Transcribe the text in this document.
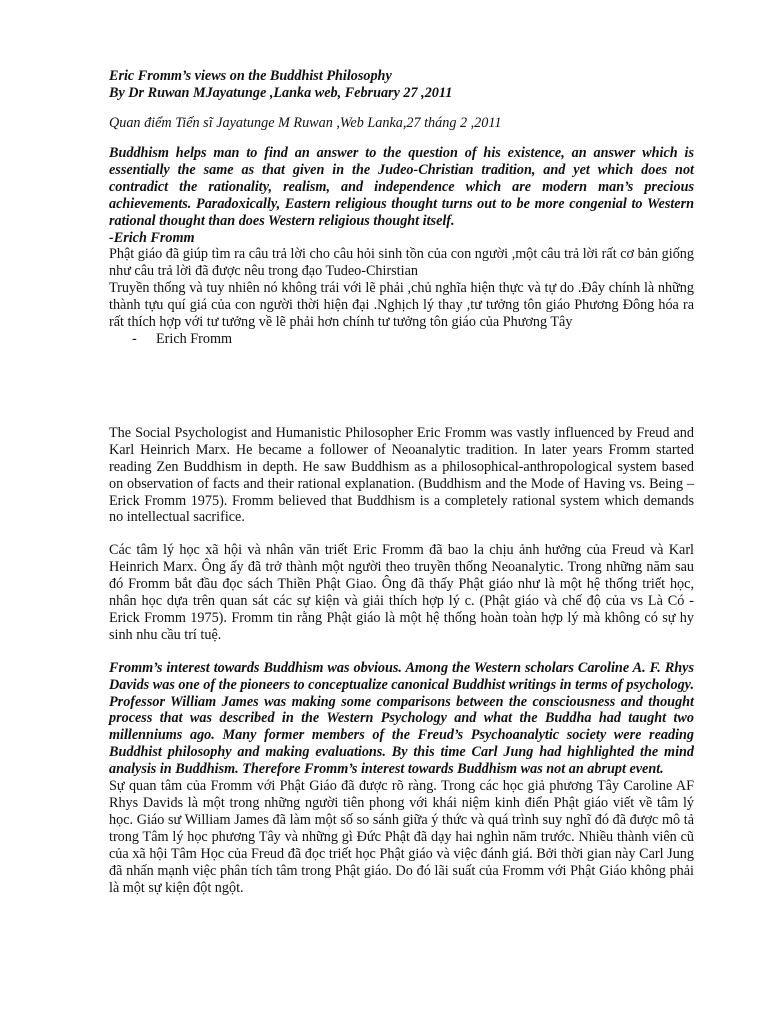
Eric Fromm’s views on the Buddhist Philosophy
By Dr Ruwan MJayatunge ,Lanka web, February 27 ,2011
Quan điểm Tiến sĩ Jayatunge M Ruwan ,Web Lanka,27 tháng 2 ,2011
Buddhism helps man to find an answer to the question of his existence, an answer which is essentially the same as that given in the Judeo-Christian tradition, and yet which does not contradict the rationality, realism, and independence which are modern man’s precious achievements. Paradoxically, Eastern religious thought turns out to be more congenial to Western rational thought than does Western religious thought itself.
-Erich Fromm
Phật giáo đã giúp tìm ra câu trả lời cho câu hỏi sinh tồn của con người ,một câu trả lời rất cơ bản giống như câu trả lời đã được nêu trong đạo Tudeo-Chirstian
Truyền thống và tuy nhiên nó không trái với lẽ phải ,chủ nghĩa hiện thực và tự do .Đây chính là những thành tựu quí giá của con người thời hiện đại .Nghịch lý thay ,tư tưởng tôn giáo Phương Đông hóa ra rất thích hợp với tư tưởng về lẽ phải hơn chính tư tưởng tôn giáo của Phương Tây
- Erich Fromm
The Social Psychologist and Humanistic Philosopher Eric Fromm was vastly influenced by Freud and Karl Heinrich Marx. He became a follower of Neoanalytic tradition. In later years Fromm started reading Zen Buddhism in depth. He saw Buddhism as a philosophical-anthropological system based on observation of facts and their rational explanation. (Buddhism and the Mode of Having vs. Being – Erick Fromm 1975). Fromm believed that Buddhism is a completely rational system which demands no intellectual sacrifice.
Các tâm lý học xã hội và nhân văn triết Eric Fromm đã bao la chịu ảnh hưởng của Freud và Karl Heinrich Marx. Ông ấy đã trở thành một người theo truyền thống Neoanalytic. Trong những năm sau đó Fromm bắt đầu đọc sách Thiền Phật Giao. Ông đã thấy Phật giáo như là một hệ thống triết học, nhân học dựa trên quan sát các sự kiện và giải thích hợp lý c. (Phật giáo và chế độ của vs Là Có - Erick Fromm 1975). Fromm tin rằng Phật giáo là một hệ thống hoàn toàn hợp lý mà không có sự hy sinh nhu cầu trí tuệ.
Fromm’s interest towards Buddhism was obvious. Among the Western scholars Caroline A. F. Rhys Davids was one of the pioneers to conceptualize canonical Buddhist writings in terms of psychology. Professor William James was making some comparisons between the consciousness and thought process that was described in the Western Psychology and what the Buddha had taught two millenniums ago. Many former members of the Freud’s Psychoanalytic society were reading Buddhist philosophy and making evaluations. By this time Carl Jung had highlighted the mind analysis in Buddhism. Therefore Fromm’s interest towards Buddhism was not an abrupt event.
Sự quan tâm của Fromm với Phật Giáo đã được rõ ràng. Trong các học giả phương Tây Caroline AF Rhys Davids là một trong những người tiên phong với khái niệm kinh điển Phật giáo viết về tâm lý học. Giáo sư William James đã làm một số so sánh giữa ý thức và quá trình suy nghĩ đó đã được mô tả trong Tâm lý học phương Tây và những gì Đức Phật đã dạy hai nghìn năm trước. Nhiều thành viên cũ của xã hội Tâm Học của Freud đã đọc triết học Phật giáo và việc đánh giá. Bởi thời gian này Carl Jung đã nhấn mạnh việc phân tích tâm trong Phật giáo. Do đó lãi suất của Fromm với Phật Giáo không phải là một sự kiện đột ngột.
